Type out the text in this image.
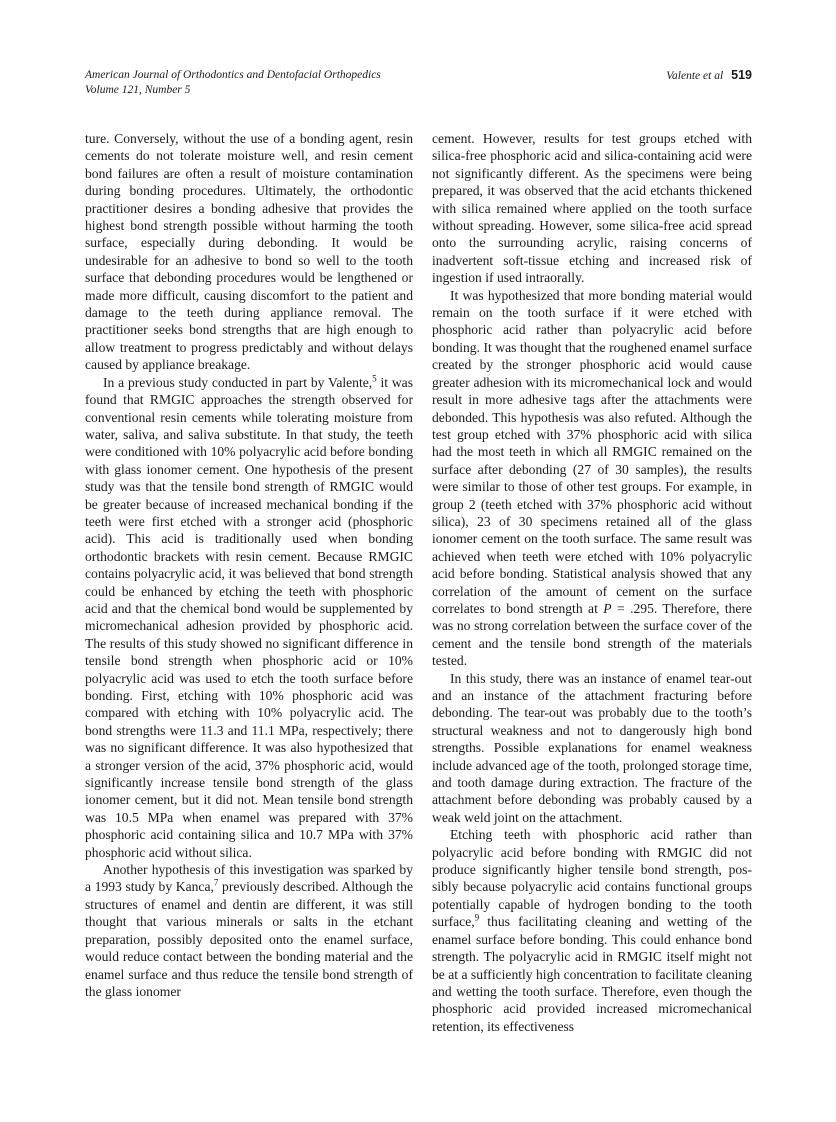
American Journal of Orthodontics and Dentofacial Orthopedics
Volume 121, Number 5
Valente et al 519

ture. Conversely, without the use of a bonding agent, resin cements do not tolerate moisture well, and resin cement bond failures are often a result of moisture contamination during bonding procedures. Ultimately, the orthodontic practitioner desires a bonding adhesive that provides the highest bond strength possible without harming the tooth surface, especially during debonding. It would be undesirable for an adhesive to bond so well to the tooth surface that debonding procedures would be lengthened or made more difficult, causing discomfort to the patient and damage to the teeth during appliance removal. The practitioner seeks bond strengths that are high enough to allow treatment to progress predictably and without delays caused by appliance breakage.

In a previous study conducted in part by Valente,$^5$ it was found that RMGIC approaches the strength observed for conventional resin cements while tolerating moisture from water, saliva, and saliva substitute. In that study, the teeth were conditioned with 10% polyacrylic acid before bonding with glass ionomer cement. One hypothesis of the present study was that the tensile bond strength of RMGIC would be greater because of increased mechanical bonding if the teeth were first etched with a stronger acid (phosphoric acid). This acid is traditionally used when bonding orthodontic brackets with resin cement. Because RMGIC contains polyacrylic acid, it was believed that bond strength could be enhanced by etching the teeth with phosphoric acid and that the chemical bond would be supplemented by micromechanical adhesion provided by phosphoric acid. The results of this study showed no significant difference in tensile bond strength when phosphoric acid or 10% polyacrylic acid was used to etch the tooth surface before bonding. First, etching with 10% phosphoric acid was compared with etching with 10% polyacrylic acid. The bond strengths were 11.3 and 11.1 MPa, respectively; there was no significant difference. It was also hypothesized that a stronger version of the acid, 37% phosphoric acid, would significantly increase tensile bond strength of the glass ionomer cement, but it did not. Mean tensile bond strength was 10.5 MPa when enamel was prepared with 37% phosphoric acid containing silica and 10.7 MPa with 37% phosphoric acid without silica.

Another hypothesis of this investigation was sparked by a 1993 study by Kanca,$^7$ previously described. Although the structures of enamel and dentin are different, it was still thought that various minerals or salts in the etchant preparation, possibly deposited onto the enamel surface, would reduce contact between the bonding material and the enamel surface and thus reduce the tensile bond strength of the glass ionomer

cement. However, results for test groups etched with silica-free phosphoric acid and silica-containing acid were not significantly different. As the specimens were being prepared, it was observed that the acid etchants thickened with silica remained where applied on the tooth surface without spreading. However, some silica-free acid spread onto the surrounding acrylic, raising concerns of inadvertent soft-tissue etching and increased risk of ingestion if used intraorally.

It was hypothesized that more bonding material would remain on the tooth surface if it were etched with phosphoric acid rather than polyacrylic acid before bonding. It was thought that the roughened enamel surface created by the stronger phosphoric acid would cause greater adhesion with its micromechanical lock and would result in more adhesive tags after the attachments were debonded. This hypothesis was also refuted. Although the test group etched with 37% phosphoric acid with silica had the most teeth in which all RMGIC remained on the surface after debonding (27 of 30 samples), the results were similar to those of other test groups. For example, in group 2 (teeth etched with 37% phosphoric acid without silica), 23 of 30 specimens retained all of the glass ionomer cement on the tooth surface. The same result was achieved when teeth were etched with 10% polyacrylic acid before bonding. Statistical analysis showed that any correlation of the amount of cement on the surface correlates to bond strength at P = .295. Therefore, there was no strong correlation between the surface cover of the cement and the tensile bond strength of the materials tested.

In this study, there was an instance of enamel tear-out and an instance of the attachment fracturing before debonding. The tear-out was probably due to the tooth’s structural weakness and not to dangerously high bond strengths. Possible explanations for enamel weakness include advanced age of the tooth, prolonged storage time, and tooth damage during extraction. The fracture of the attachment before debonding was probably caused by a weak weld joint on the attachment.

Etching teeth with phosphoric acid rather than polyacrylic acid before bonding with RMGIC did not produce significantly higher tensile bond strength, possibly because polyacrylic acid contains functional groups potentially capable of hydrogen bonding to the tooth surface,$^9$ thus facilitating cleaning and wetting of the enamel surface before bonding. This could enhance bond strength. The polyacrylic acid in RMGIC itself might not be at a sufficiently high concentration to facilitate cleaning and wetting the tooth surface. Therefore, even though the phosphoric acid provided increased micromechanical retention, its effectiveness
